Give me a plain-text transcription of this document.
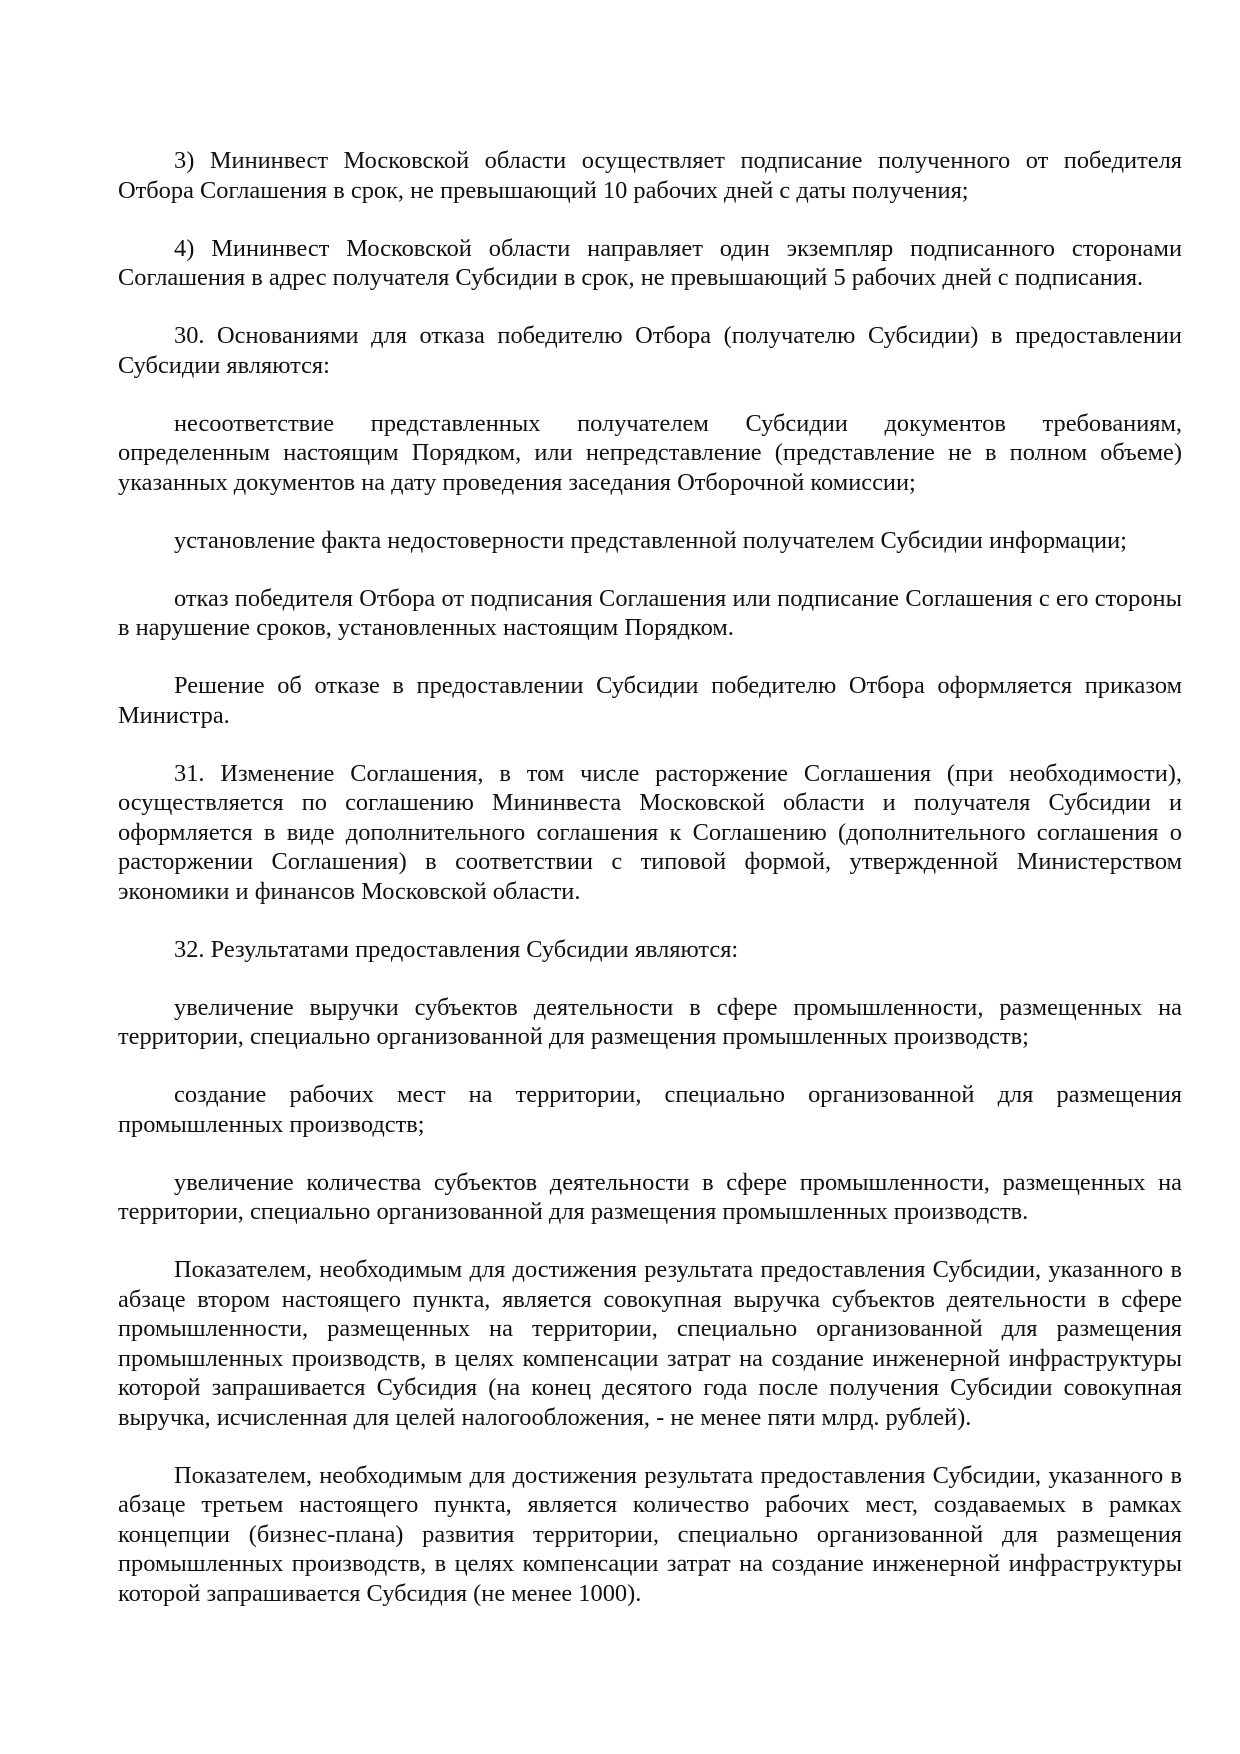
3) Мининвест Московской области осуществляет подписание полученного от победителя Отбора Соглашения в срок, не превышающий 10 рабочих дней с даты получения;

4) Мининвест Московской области направляет один экземпляр подписанного сторонами Соглашения в адрес получателя Субсидии в срок, не превышающий 5 рабочих дней с подписания.

30. Основаниями для отказа победителю Отбора (получателю Субсидии) в предоставлении Субсидии являются:

несоответствие представленных получателем Субсидии документов требованиям, определенным настоящим Порядком, или непредставление (представление не в полном объеме) указанных документов на дату проведения заседания Отборочной комиссии;

установление факта недостоверности представленной получателем Субсидии информации;

отказ победителя Отбора от подписания Соглашения или подписание Соглашения с его стороны в нарушение сроков, установленных настоящим Порядком.

Решение об отказе в предоставлении Субсидии победителю Отбора оформляется приказом Министра.

31. Изменение Соглашения, в том числе расторжение Соглашения (при необходимости), осуществляется по соглашению Мининвеста Московской области и получателя Субсидии и оформляется в виде дополнительного соглашения к Соглашению (дополнительного соглашения о расторжении Соглашения) в соответствии с типовой формой, утвержденной Министерством экономики и финансов Московской области.

32. Результатами предоставления Субсидии являются:

увеличение выручки субъектов деятельности в сфере промышленности, размещенных на территории, специально организованной для размещения промышленных производств;

создание рабочих мест на территории, специально организованной для размещения промышленных производств;

увеличение количества субъектов деятельности в сфере промышленности, размещенных на территории, специально организованной для размещения промышленных производств.

Показателем, необходимым для достижения результата предоставления Субсидии, указанного в абзаце втором настоящего пункта, является совокупная выручка субъектов деятельности в сфере промышленности, размещенных на территории, специально организованной для размещения промышленных производств, в целях компенсации затрат на создание инженерной инфраструктуры которой запрашивается Субсидия (на конец десятого года после получения Субсидии совокупная выручка, исчисленная для целей налогообложения, - не менее пяти млрд. рублей).

Показателем, необходимым для достижения результата предоставления Субсидии, указанного в абзаце третьем настоящего пункта, является количество рабочих мест, создаваемых в рамках концепции (бизнес-плана) развития территории, специально организованной для размещения промышленных производств, в целях компенсации затрат на создание инженерной инфраструктуры которой запрашивается Субсидия (не менее 1000).
